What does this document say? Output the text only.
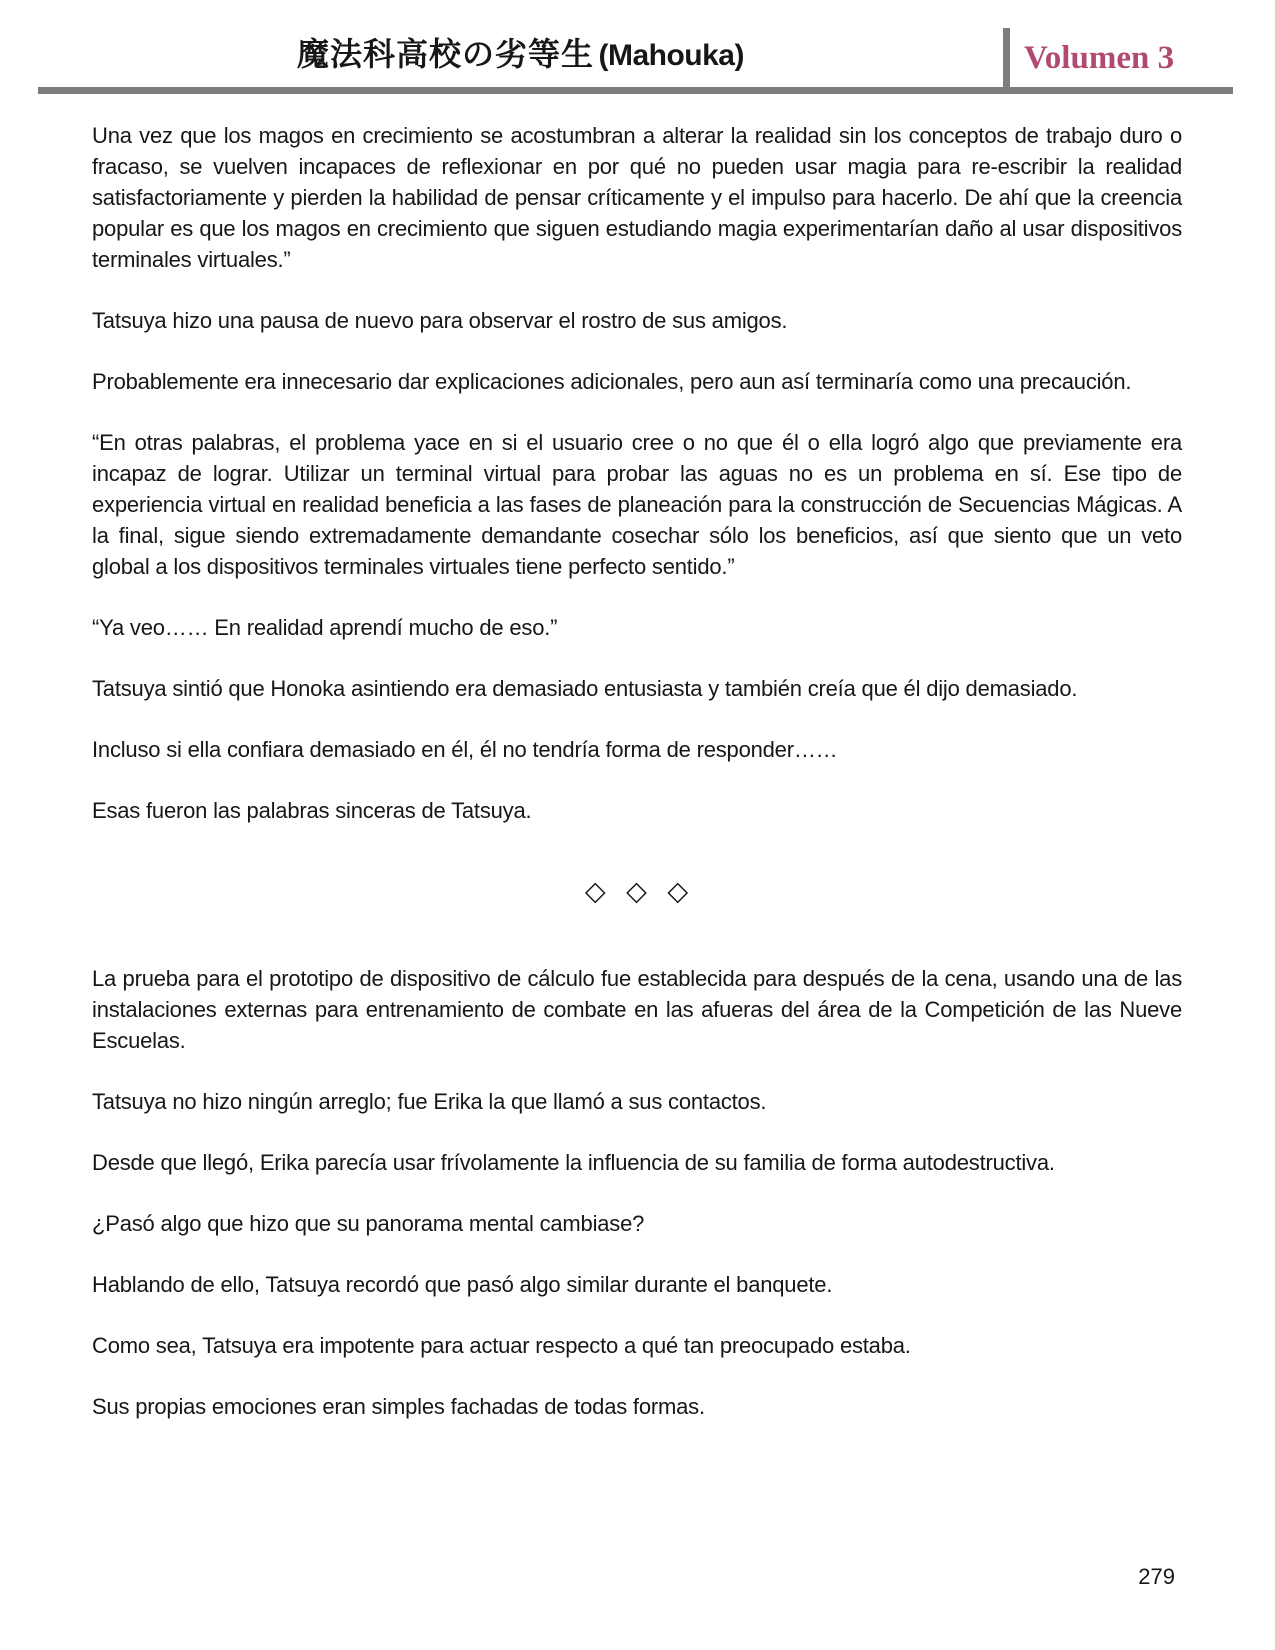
魔法科高校の劣等生 (Mahouka)	Volumen 3

Una vez que los magos en crecimiento se acostumbran a alterar la realidad sin los conceptos de trabajo duro o fracaso, se vuelven incapaces de reflexionar en por qué no pueden usar magia para re-escribir la realidad satisfactoriamente y pierden la habilidad de pensar críticamente y el impulso para hacerlo. De ahí que la creencia popular es que los magos en crecimiento que siguen estudiando magia experimentarían daño al usar dispositivos terminales virtuales.”

Tatsuya hizo una pausa de nuevo para observar el rostro de sus amigos.

Probablemente era innecesario dar explicaciones adicionales, pero aun así terminaría como una precaución.

“En otras palabras, el problema yace en si el usuario cree o no que él o ella logró algo que previamente era incapaz de lograr. Utilizar un terminal virtual para probar las aguas no es un problema en sí. Ese tipo de experiencia virtual en realidad beneficia a las fases de planeación para la construcción de Secuencias Mágicas. A la final, sigue siendo extremadamente demandante cosechar sólo los beneficios, así que siento que un veto global a los dispositivos terminales virtuales tiene perfecto sentido.”

“Ya veo…… En realidad aprendí mucho de eso.”

Tatsuya sintió que Honoka asintiendo era demasiado entusiasta y también creía que él dijo demasiado.

Incluso si ella confiara demasiado en él, él no tendría forma de responder……

Esas fueron las palabras sinceras de Tatsuya.

◇ ◇ ◇

La prueba para el prototipo de dispositivo de cálculo fue establecida para después de la cena, usando una de las instalaciones externas para entrenamiento de combate en las afueras del área de la Competición de las Nueve Escuelas.

Tatsuya no hizo ningún arreglo; fue Erika la que llamó a sus contactos.

Desde que llegó, Erika parecía usar frívolamente la influencia de su familia de forma autodestructiva.

¿Pasó algo que hizo que su panorama mental cambiase?

Hablando de ello, Tatsuya recordó que pasó algo similar durante el banquete.

Como sea, Tatsuya era impotente para actuar respecto a qué tan preocupado estaba.

Sus propias emociones eran simples fachadas de todas formas.

279
